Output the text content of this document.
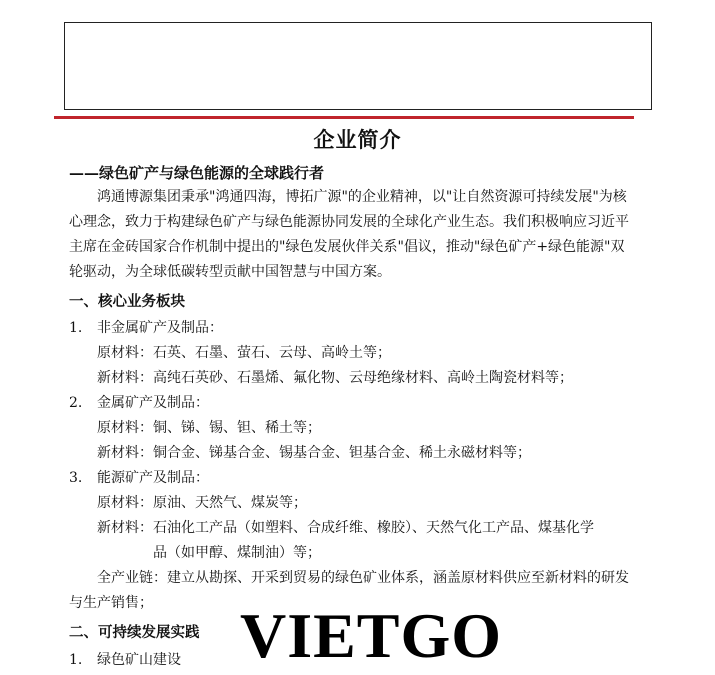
企业简介
——绿色矿产与绿色能源的全球践行者

鸿通博源集团秉承"鸿通四海，博拓广源"的企业精神，以"让自然资源可持续发展"为核心理念，致力于构建绿色矿产与绿色能源协同发展的全球化产业生态。我们积极响应习近平主席在金砖国家合作机制中提出的"绿色发展伙伴关系"倡议，推动"绿色矿产+绿色能源"双轮驱动，为全球低碳转型贡献中国智慧与中国方案。

一、核心业务板块
1. 非金属矿产及制品：
原材料：石英、石墨、萤石、云母、高岭土等；
新材料：高纯石英砂、石墨烯、氟化物、云母绝缘材料、高岭土陶瓷材料等；
2. 金属矿产及制品：
原材料：铜、锑、锡、钽、稀土等；
新材料：铜合金、锑基合金、锡基合金、钽基合金、稀土永磁材料等；
3. 能源矿产及制品：
原材料：原油、天然气、煤炭等；
新材料：石油化工产品（如塑料、合成纤维、橡胶）、天然气化工产品、煤基化学
品（如甲醇、煤制油）等；

全产业链：建立从勘探、开采到贸易的绿色矿业体系，涵盖原材料供应至新材料的研发与生产销售；

二、可持续发展实践
1. 绿色矿山建设 VIETGO
